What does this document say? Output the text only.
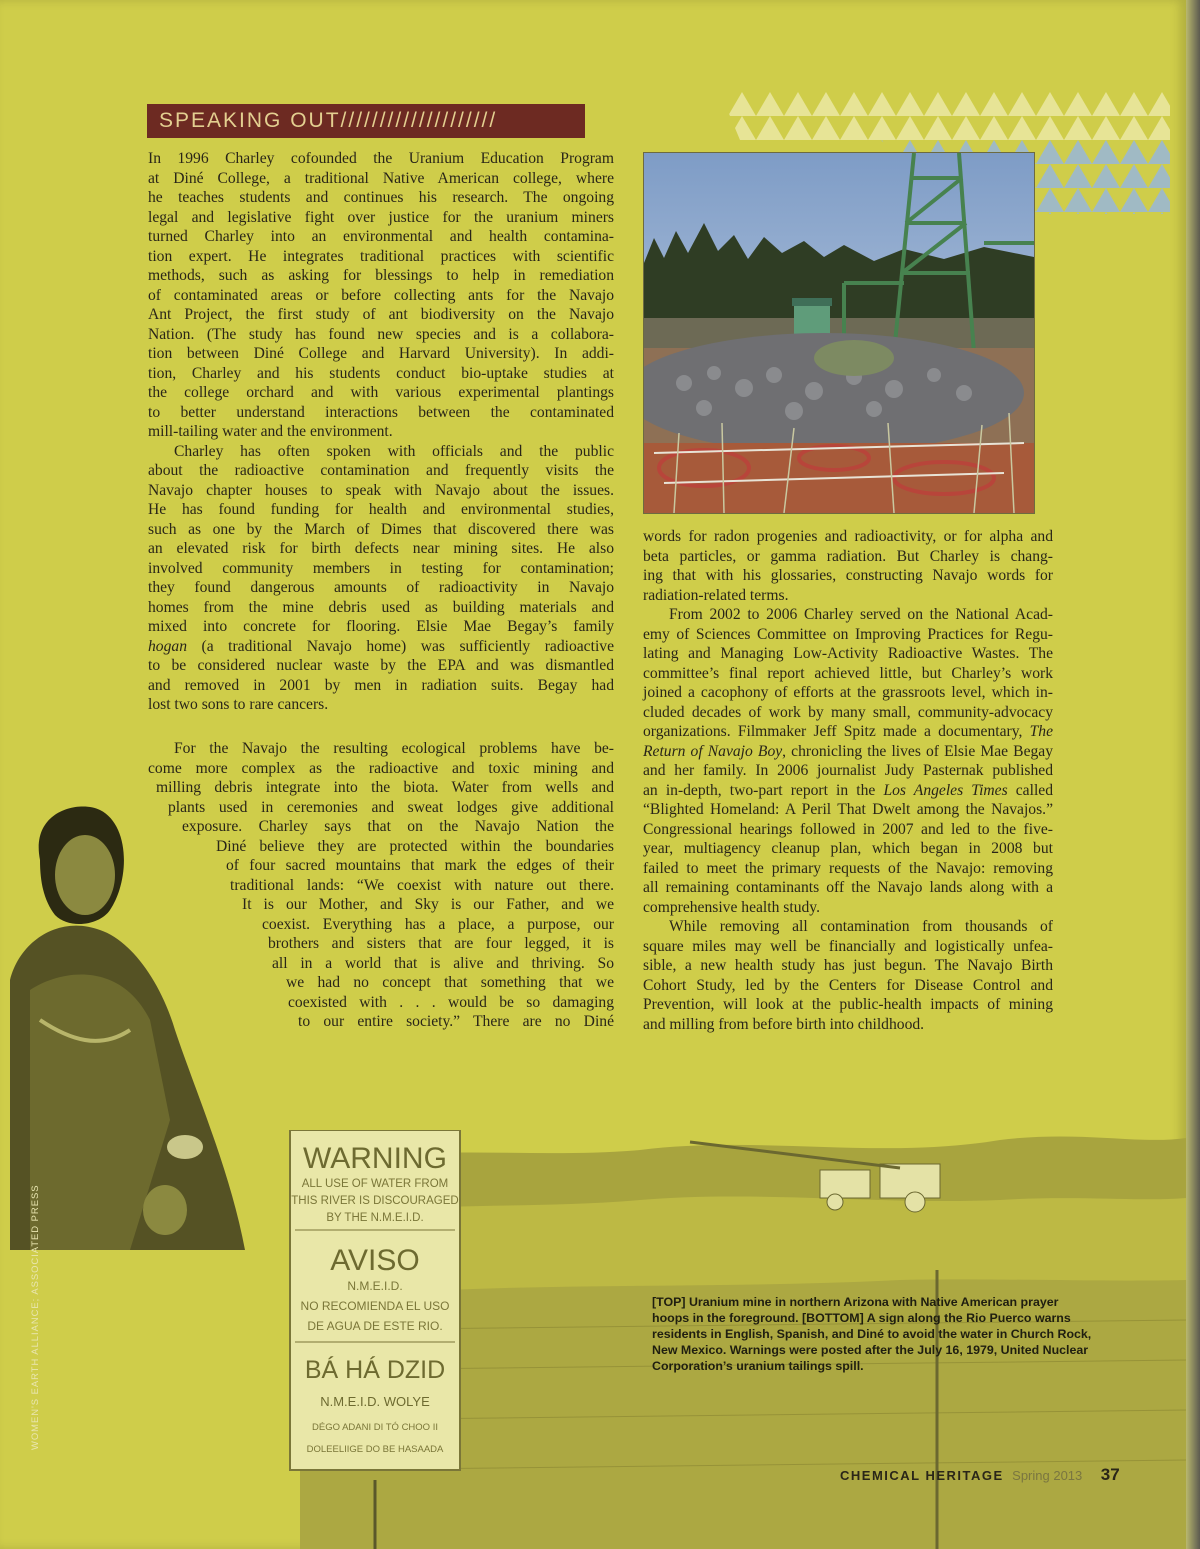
SPEAKING OUT////////////////////

In 1996 Charley cofounded the Uranium Education Program
at Diné College, a traditional Native American college, where
he teaches students and continues his research. The ongoing
legal and legislative fight over justice for the uranium miners
turned Charley into an environmental and health contamina-
tion expert. He integrates traditional practices with scientific
methods, such as asking for blessings to help in remediation
of contaminated areas or before collecting ants for the Navajo
Ant Project, the first study of ant biodiversity on the Navajo
Nation. (The study has found new species and is a collabora-
tion between Diné College and Harvard University). In addi-
tion, Charley and his students conduct bio-uptake studies at
the college orchard and with various experimental plantings
to better understand interactions between the contaminated
mill-tailing water and the environment.

Charley has often spoken with officials and the public
about the radioactive contamination and frequently visits the
Navajo chapter houses to speak with Navajo about the issues.
He has found funding for health and environmental studies,
such as one by the March of Dimes that discovered there was
an elevated risk for birth defects near mining sites. He also
involved community members in testing for contamination;
they found dangerous amounts of radioactivity in Navajo
homes from the mine debris used as building materials and
mixed into concrete for flooring. Elsie Mae Begay’s family
hogan (a traditional Navajo home) was sufficiently radioactive
to be considered nuclear waste by the EPA and was dismantled
and removed in 2001 by men in radiation suits. Begay had
lost two sons to rare cancers.

For the Navajo the resulting ecological problems have be-
come more complex as the radioactive and toxic mining and
milling debris integrate into the biota. Water from wells and
plants used in ceremonies and sweat lodges give additional
exposure. Charley says that on the Navajo Nation the
Diné believe they are protected within the boundaries
of four sacred mountains that mark the edges of their
traditional lands: “We coexist with nature out there.
It is our Mother, and Sky is our Father, and we
coexist. Everything has a place, a purpose, our
brothers and sisters that are four legged, it is
all in a world that is alive and thriving. So
we had no concept that something that we
coexisted with . . . would be so damaging
to our entire society.” There are no Diné

words for radon progenies and radioactivity, or for alpha and
beta particles, or gamma radiation. But Charley is chang-
ing that with his glossaries, constructing Navajo words for
radiation-related terms.

From 2002 to 2006 Charley served on the National Acad-
emy of Sciences Committee on Improving Practices for Regu-
lating and Managing Low-Activity Radioactive Wastes. The
committee’s final report achieved little, but Charley’s work
joined a cacophony of efforts at the grassroots level, which in-
cluded decades of work by many small, community-advocacy
organizations. Filmmaker Jeff Spitz made a documentary, The
Return of Navajo Boy, chronicling the lives of Elsie Mae Begay
and her family. In 2006 journalist Judy Pasternak published
an in-depth, two-part report in the Los Angeles Times called
“Blighted Homeland: A Peril That Dwelt among the Navajos.”
Congressional hearings followed in 2007 and led to the five-
year, multiagency cleanup plan, which began in 2008 but
failed to meet the primary requests of the Navajo: removing
all remaining contaminants off the Navajo lands along with a
comprehensive health study.

While removing all contamination from thousands of
square miles may well be financially and logistically unfea-
sible, a new health study has just begun. The Navajo Birth
Cohort Study, led by the Centers for Disease Control and
Prevention, will look at the public-health impacts of mining
and milling from before birth into childhood.

WARNING
ALL USE OF WATER FROM
THIS RIVER IS DISCOURAGED
BY THE N.M.E.I.D.
AVISO
N.M.E.I.D.
NO RECOMIENDA EL USO
DE AGUA DE ESTE RIO.
BÁ HÁ DZID
N.M.E.I.D. WOLYE
DÉGO ADANI DI TÓ CHOO II
DOLEELIIGE DO BE HASAADA
[TOP] Uranium mine in northern Arizona with Native American prayer hoops in the foreground. [BOTTOM] A sign along the Rio Puerco warns residents in English, Spanish, and Diné to avoid the water in Church Rock, New Mexico. Warnings were posted after the July 16, 1979, United Nuclear Corporation’s uranium tailings spill.
WOMEN'S EARTH ALLIANCE; ASSOCIATED PRESS
CHEMICAL HERITAGE Spring 2013 37
